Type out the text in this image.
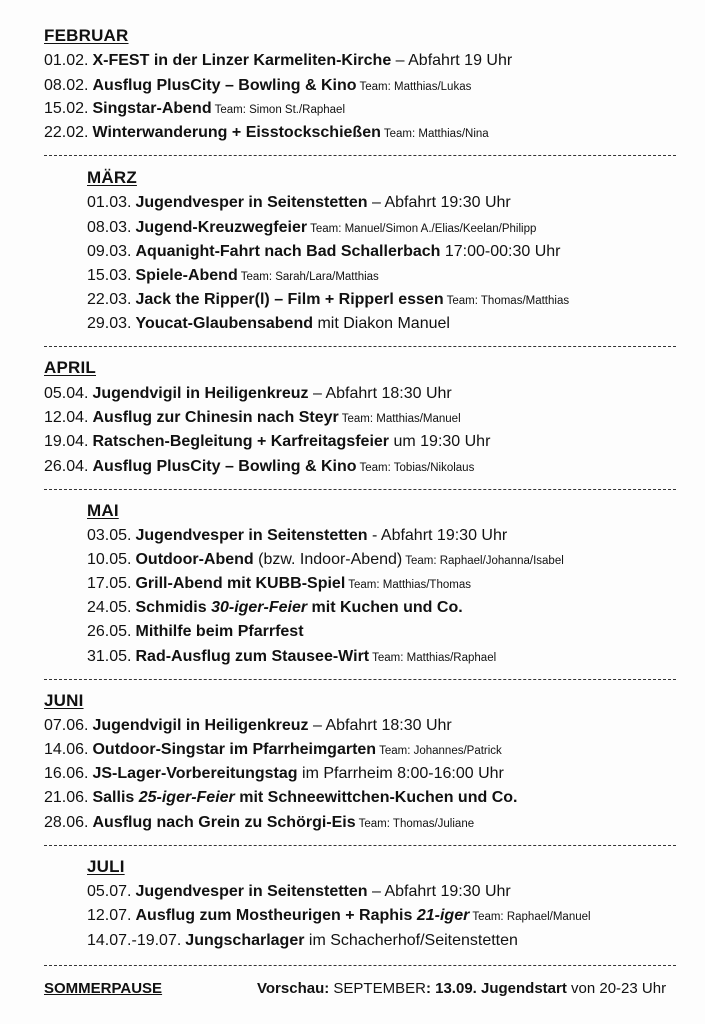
FEBRUAR
01.02. X-FEST in der Linzer Karmeliten-Kirche – Abfahrt 19 Uhr
08.02. Ausflug PlusCity – Bowling & Kino Team: Matthias/Lukas
15.02. Singstar-Abend Team: Simon St./Raphael
22.02. Winterwanderung + Eisstockschießen Team: Matthias/Nina
MÄRZ
01.03. Jugendvesper in Seitenstetten – Abfahrt 19:30 Uhr
08.03. Jugend-Kreuzwegfeier Team: Manuel/Simon A./Elias/Keelan/Philipp
09.03. Aquanight-Fahrt nach Bad Schallerbach 17:00-00:30 Uhr
15.03. Spiele-Abend Team: Sarah/Lara/Matthias
22.03. Jack the Ripper(l) – Film + Ripperl essen Team: Thomas/Matthias
29.03. Youcat-Glaubensabend mit Diakon Manuel
APRIL
05.04. Jugendvigil in Heiligenkreuz – Abfahrt 18:30 Uhr
12.04. Ausflug zur Chinesin nach Steyr Team: Matthias/Manuel
19.04. Ratschen-Begleitung + Karfreitagsfeier um 19:30 Uhr
26.04. Ausflug PlusCity – Bowling & Kino Team: Tobias/Nikolaus
MAI
03.05. Jugendvesper in Seitenstetten - Abfahrt 19:30 Uhr
10.05. Outdoor-Abend (bzw. Indoor-Abend) Team: Raphael/Johanna/Isabel
17.05. Grill-Abend mit KUBB-Spiel Team: Matthias/Thomas
24.05. Schmidis 30-iger-Feier mit Kuchen und Co.
26.05. Mithilfe beim Pfarrfest
31.05. Rad-Ausflug zum Stausee-Wirt Team: Matthias/Raphael
JUNI
07.06. Jugendvigil in Heiligenkreuz – Abfahrt 18:30 Uhr
14.06. Outdoor-Singstar im Pfarrheimgarten Team: Johannes/Patrick
16.06. JS-Lager-Vorbereitungstag im Pfarrheim 8:00-16:00 Uhr
21.06. Sallis 25-iger-Feier mit Schneewittchen-Kuchen und Co.
28.06. Ausflug nach Grein zu Schörgi-Eis Team: Thomas/Juliane
JULI
05.07. Jugendvesper in Seitenstetten – Abfahrt 19:30 Uhr
12.07. Ausflug zum Mostheurigen + Raphis 21-iger Team: Raphael/Manuel
14.07.-19.07. Jungscharlager im Schacherhof/Seitenstetten
SOMMERPAUSE	Vorschau: SEPTEMBER: 13.09. Jugendstart von 20-23 Uhr
